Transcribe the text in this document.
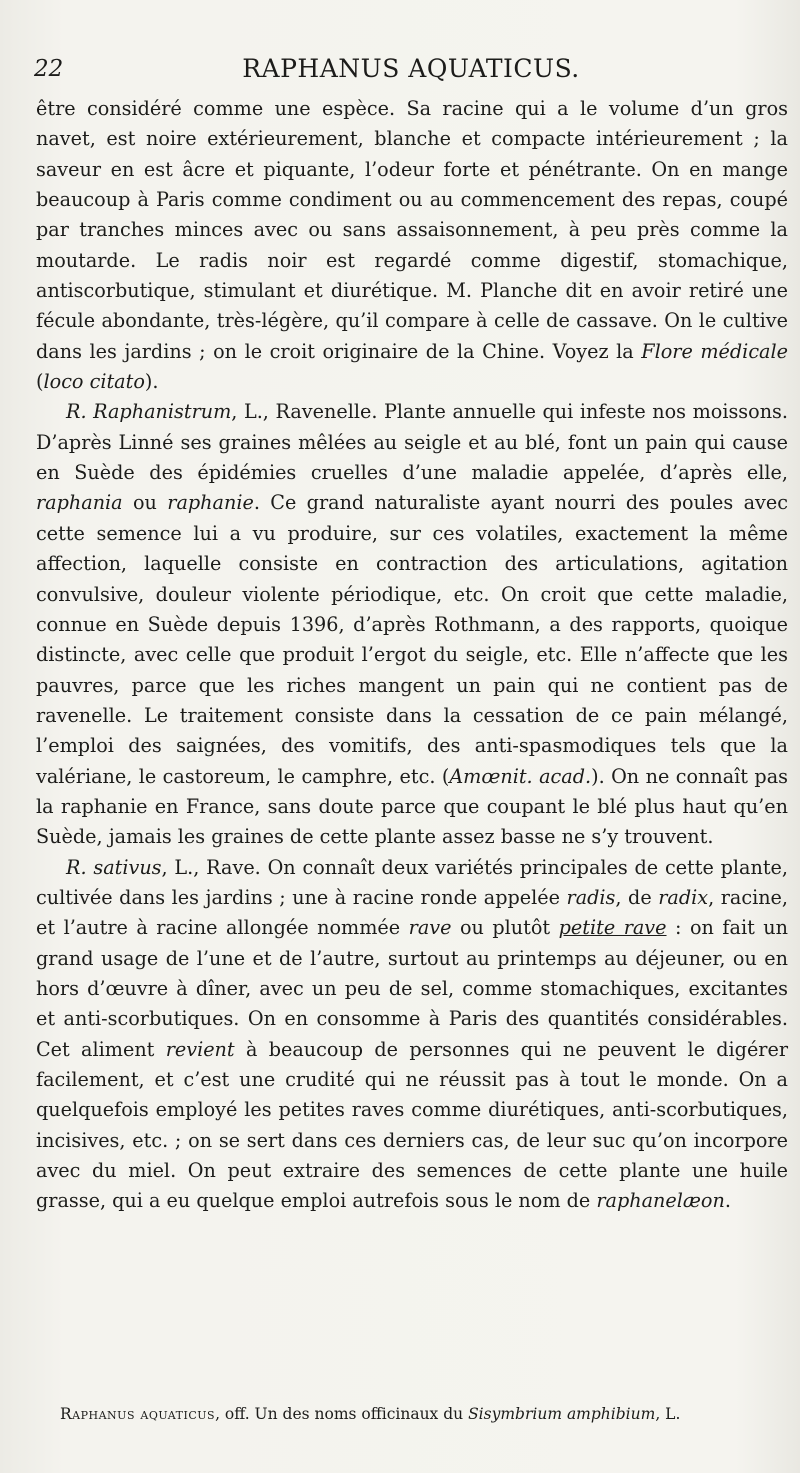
22	RAPHANUS AQUATICUS.

être considéré comme une espèce. Sa racine qui a le volume d’un gros navet, est noire extérieurement, blanche et compacte intérieurement ; la saveur en est âcre et piquante, l’odeur forte et pénétrante. On en mange beaucoup à Paris comme condiment ou au commencement des repas, coupé par tranches minces avec ou sans assaisonnement, à peu près comme la moutarde. Le radis noir est regardé comme digestif, stomachique, antiscorbutique, stimulant et diurétique. M. Planche dit en avoir retiré une fécule abondante, très-légère, qu’il compare à celle de cassave. On le cultive dans les jardins ; on le croit originaire de la Chine. Voyez la Flore médicale (loco citato).

R. Raphanistrum, L., Ravenelle. Plante annuelle qui infeste nos moissons. D’après Linné ses graines mêlées au seigle et au blé, font un pain qui cause en Suède des épidémies cruelles d’une maladie appelée, d’après elle, raphania ou raphanie. Ce grand naturaliste ayant nourri des poules avec cette semence lui a vu produire, sur ces volatiles, exactement la même affection, laquelle consiste en contraction des articulations, agitation convulsive, douleur violente périodique, etc. On croit que cette maladie, connue en Suède depuis 1396, d’après Rothmann, a des rapports, quoique distincte, avec celle que produit l’ergot du seigle, etc. Elle n’affecte que les pauvres, parce que les riches mangent un pain qui ne contient pas de ravenelle. Le traitement consiste dans la cessation de ce pain mélangé, l’emploi des saignées, des vomitifs, des anti-spasmodiques tels que la valériane, le castoreum, le camphre, etc. (Amœnit. acad.). On ne connaît pas la raphanie en France, sans doute parce que coupant le blé plus haut qu’en Suède, jamais les graines de cette plante assez basse ne s’y trouvent.

R. sativus, L., Rave. On connaît deux variétés principales de cette plante, cultivée dans les jardins ; une à racine ronde appelée radis, de radix, racine, et l’autre à racine allongée nommée rave ou plutôt petite rave : on fait un grand usage de l’une et de l’autre, surtout au printemps au déjeuner, ou en hors d’œuvre à dîner, avec un peu de sel, comme stomachiques, excitantes et anti-scorbutiques. On en consomme à Paris des quantités considérables. Cet aliment revient à beaucoup de personnes qui ne peuvent le digérer facilement, et c’est une crudité qui ne réussit pas à tout le monde. On a quelquefois employé les petites raves comme diurétiques, anti-scorbutiques, incisives, etc. ; on se sert dans ces derniers cas, de leur suc qu’on incorpore avec du miel. On peut extraire des semences de cette plante une huile grasse, qui a eu quelque emploi autrefois sous le nom de raphanelæon.

Raphanus aquaticus, off. Un des noms officinaux du Sisymbrium amphibium, L.
